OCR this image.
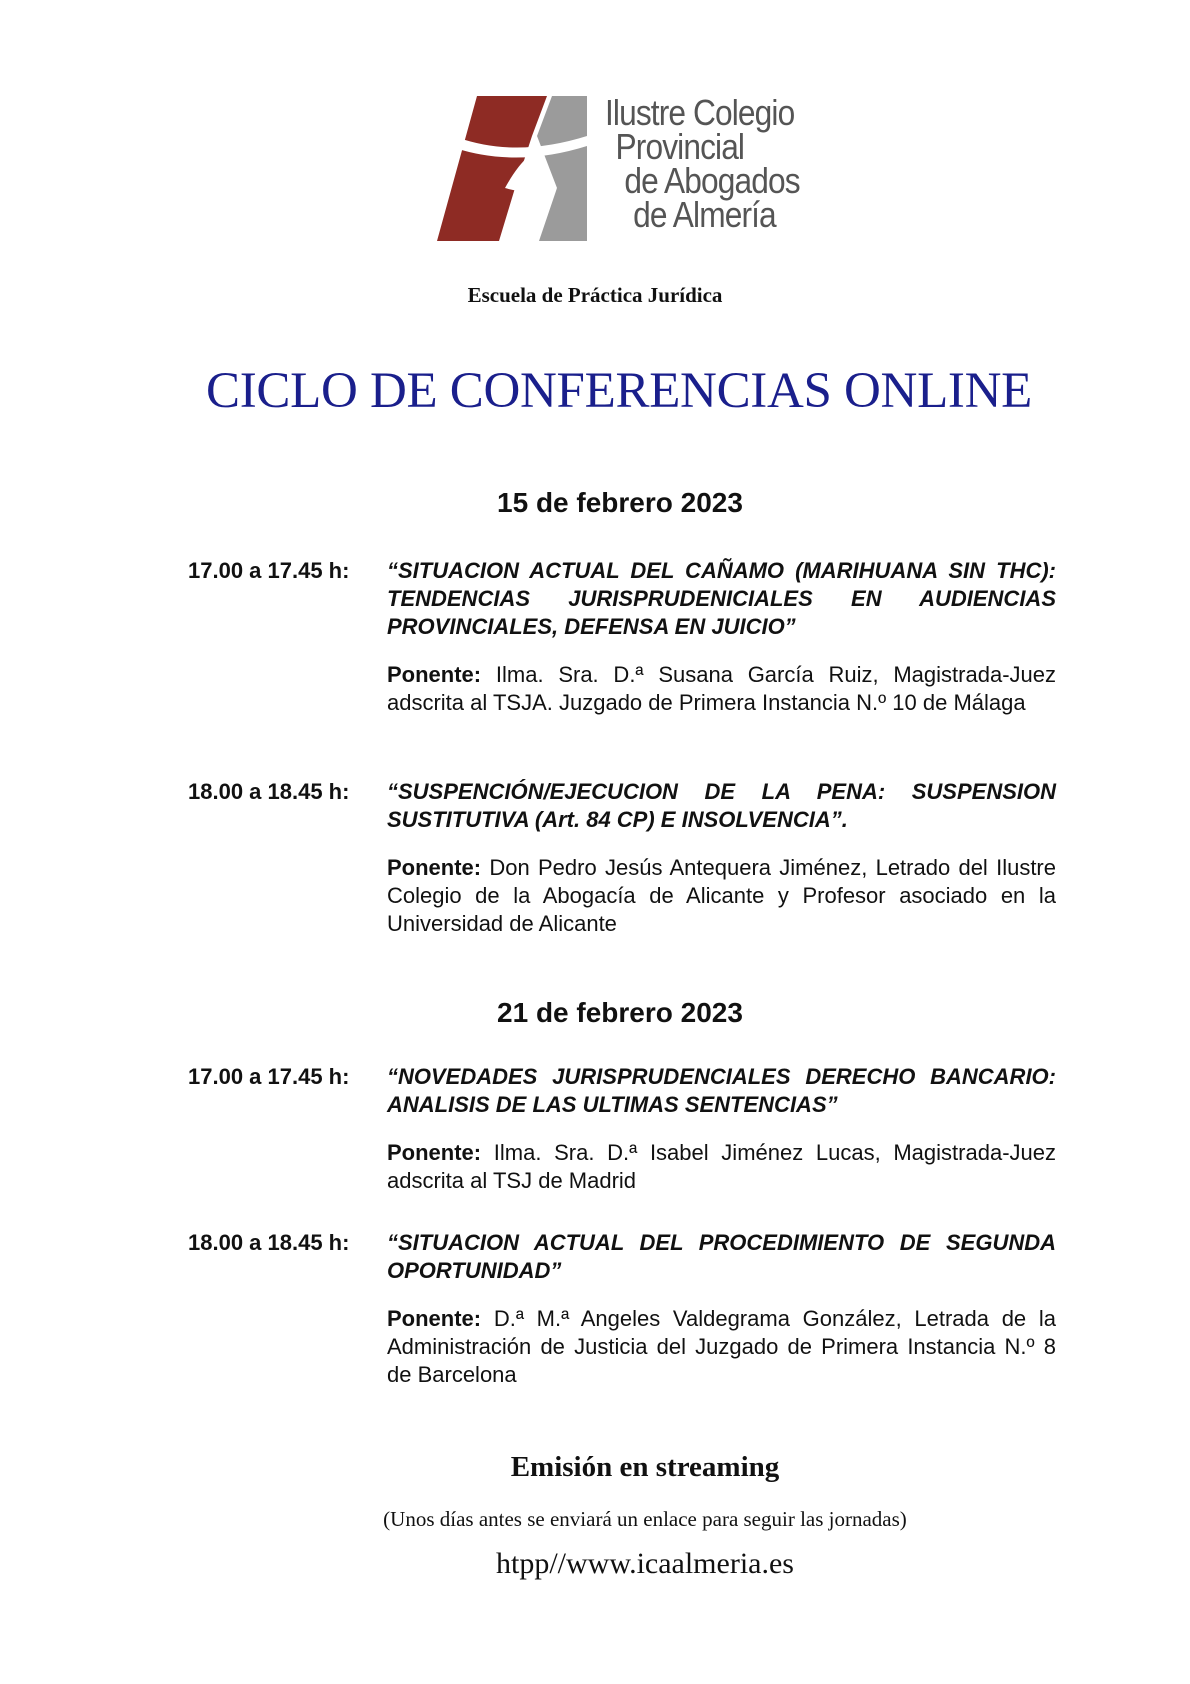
Ilustre Colegio
Provincial
de Abogados
de Almería
Escuela de Práctica Jurídica
CICLO DE CONFERENCIAS ONLINE
15 de febrero 2023
17.00 a 17.45 h: “SITUACION ACTUAL DEL CAÑAMO (MARIHUANA SIN THC): TENDENCIAS JURISPRUDENICIALES EN AUDIENCIAS PROVINCIALES, DEFENSA EN JUICIO”
Ponente: Ilma. Sra. D.ª Susana García Ruiz, Magistrada-Juez adscrita al TSJA. Juzgado de Primera Instancia N.º 10 de Málaga
18.00 a 18.45 h: “SUSPENCIÓN/EJECUCION DE LA PENA: SUSPENSION SUSTITUTIVA (Art. 84 CP) E INSOLVENCIA”.
Ponente: Don Pedro Jesús Antequera Jiménez, Letrado del Ilustre Colegio de la Abogacía de Alicante y Profesor asociado en la Universidad de Alicante
21 de febrero 2023
17.00 a 17.45 h: “NOVEDADES JURISPRUDENCIALES DERECHO BANCARIO: ANALISIS DE LAS ULTIMAS SENTENCIAS”
Ponente: Ilma. Sra. D.ª Isabel Jiménez Lucas, Magistrada-Juez adscrita al TSJ de Madrid
18.00 a 18.45 h: “SITUACION ACTUAL DEL PROCEDIMIENTO DE SEGUNDA OPORTUNIDAD”
Ponente: D.ª M.ª Angeles Valdegrama González, Letrada de la Administración de Justicia del Juzgado de Primera Instancia N.º 8 de Barcelona
Emisión en streaming
(Unos días antes se enviará un enlace para seguir las jornadas)
htpp//www.icaalmeria.es
